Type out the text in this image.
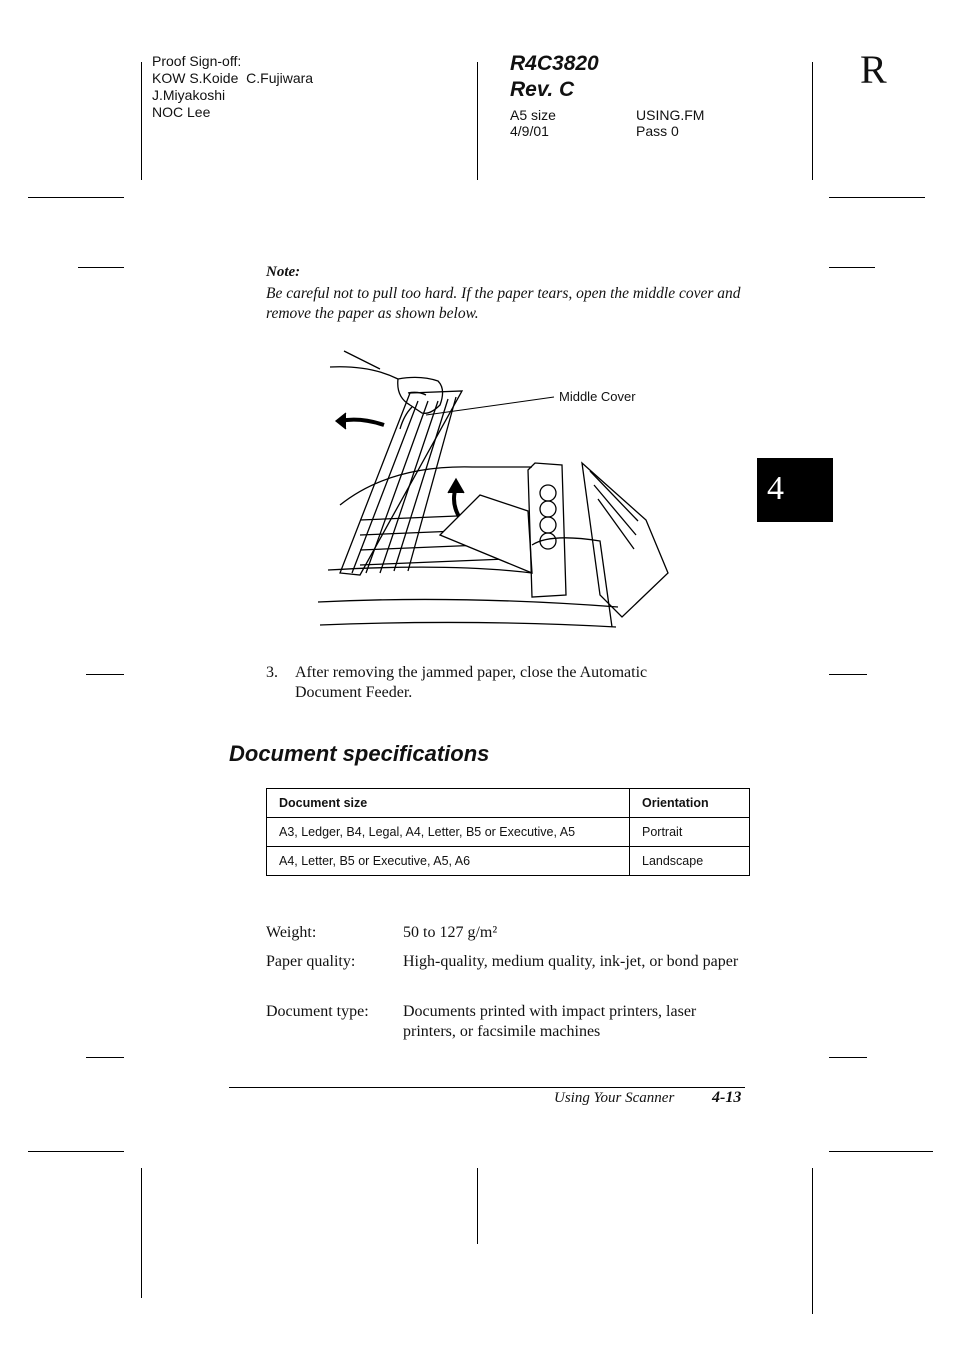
Proof Sign-off:
KOW S.Koide  C.Fujiwara
J.Miyakoshi
NOC Lee
R4C3820
Rev. C
A5 size	USING.FM
4/9/01	Pass 0
R
Note:
Be careful not to pull too hard. If the paper tears, open the middle cover and remove the paper as shown below.
Middle Cover
3. After removing the jammed paper, close the Automatic
Document Feeder.
Document specifications
Document size	Orientation
A3, Ledger, B4, Legal, A4, Letter, B5 or Executive, A5	Portrait
A4, Letter, B5 or Executive, A5, A6	Landscape
Weight:	50 to 127 g/m²
Paper quality:	High-quality, medium quality, ink-jet, or bond paper
Document type: Documents printed with impact printers, laser printers, or facsimile machines
4
Using Your Scanner 4-13
